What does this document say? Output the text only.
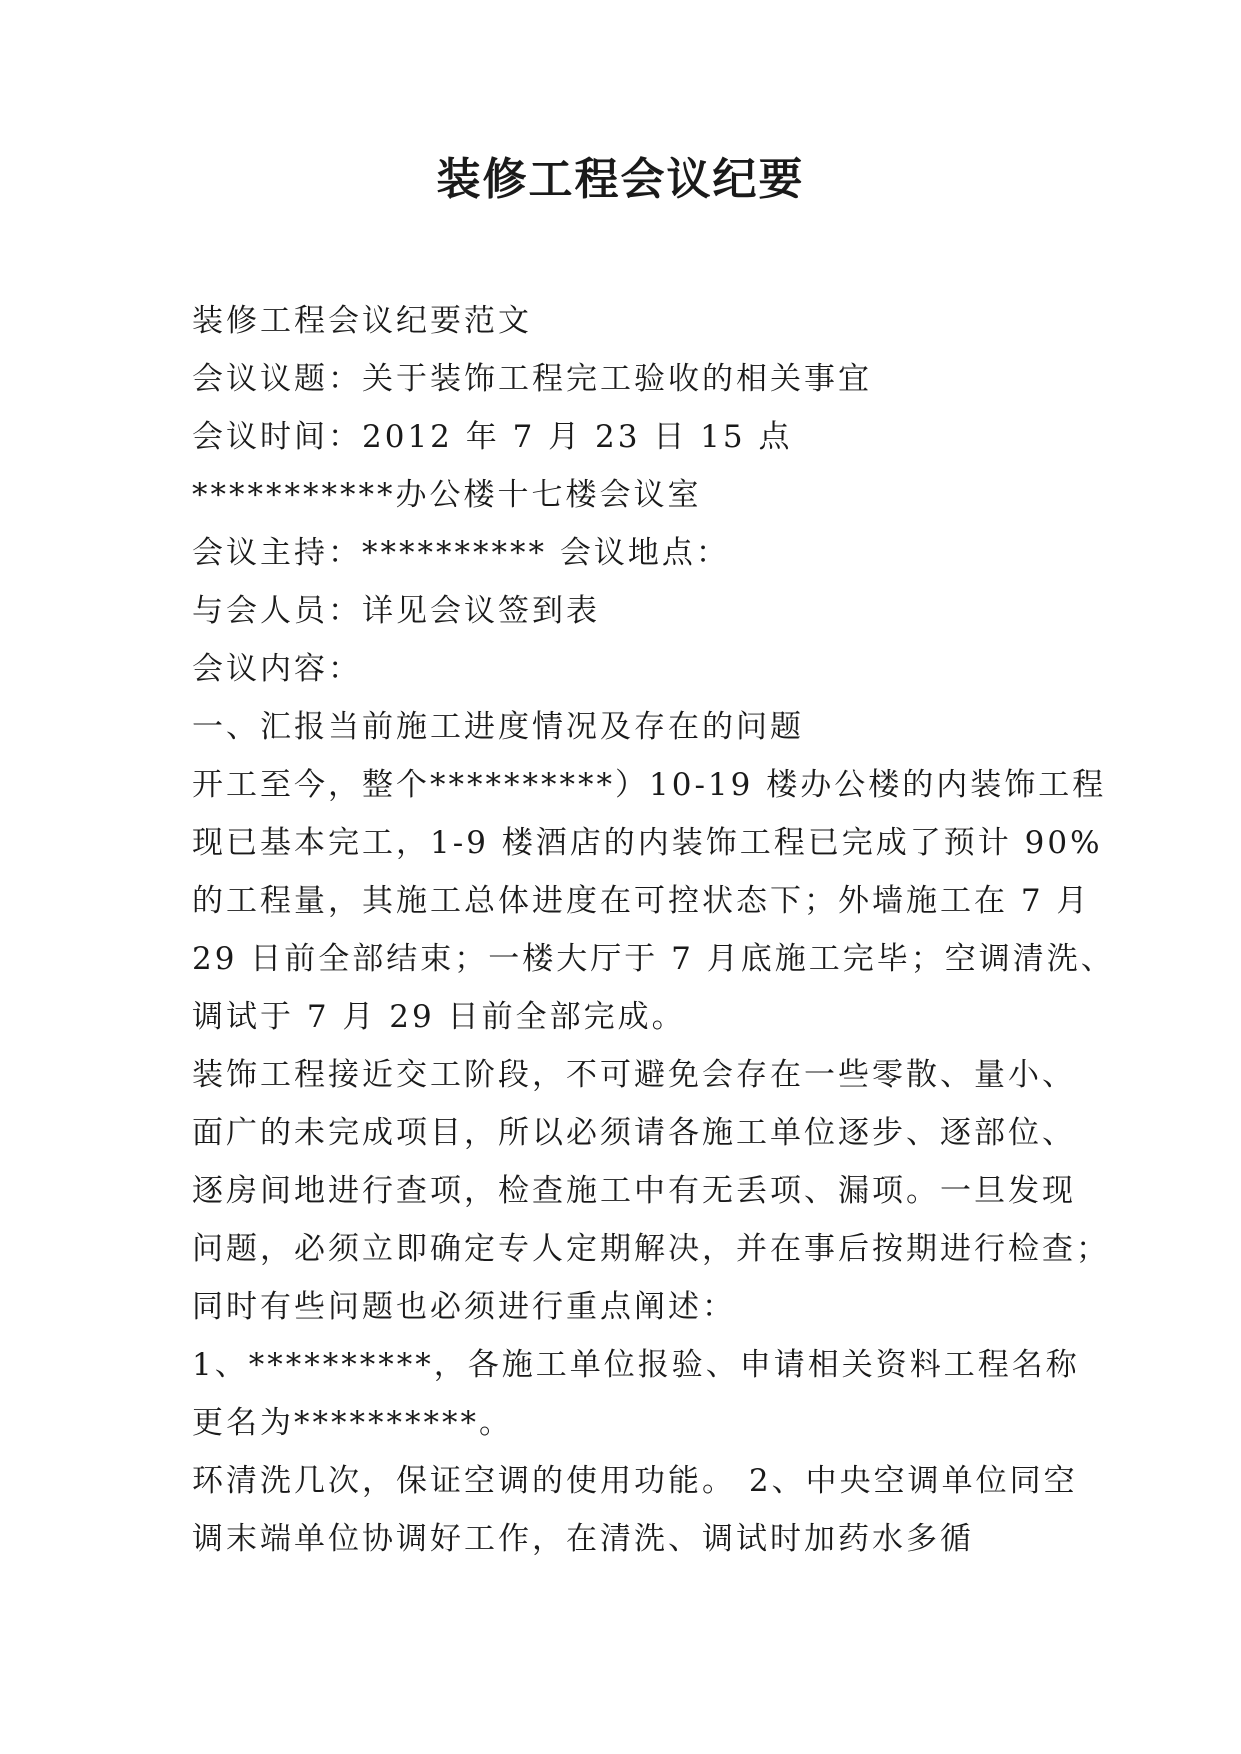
装修工程会议纪要
装修工程会议纪要范文
会议议题：关于装饰工程完工验收的相关事宜
会议时间：2012 年 7 月 23 日 15 点
***********办公楼十七楼会议室
会议主持：********** 会议地点：
与会人员：详见会议签到表
会议内容：
一、汇报当前施工进度情况及存在的问题
开工至今，整个**********）10-19 楼办公楼的内装饰工程
现已基本完工，1-9 楼酒店的内装饰工程已完成了预计 90%
的工程量，其施工总体进度在可控状态下；外墙施工在 7 月
29 日前全部结束；一楼大厅于 7 月底施工完毕；空调清洗、
调试于 7 月 29 日前全部完成。
装饰工程接近交工阶段，不可避免会存在一些零散、量小、
面广的未完成项目，所以必须请各施工单位逐步、逐部位、
逐房间地进行查项，检查施工中有无丢项、漏项。一旦发现
问题，必须立即确定专人定期解决，并在事后按期进行检查；
同时有些问题也必须进行重点阐述：
1、**********，各施工单位报验、申请相关资料工程名称
更名为**********。
环清洗几次，保证空调的使用功能。 2、中央空调单位同空
调末端单位协调好工作，在清洗、调试时加药水多循
